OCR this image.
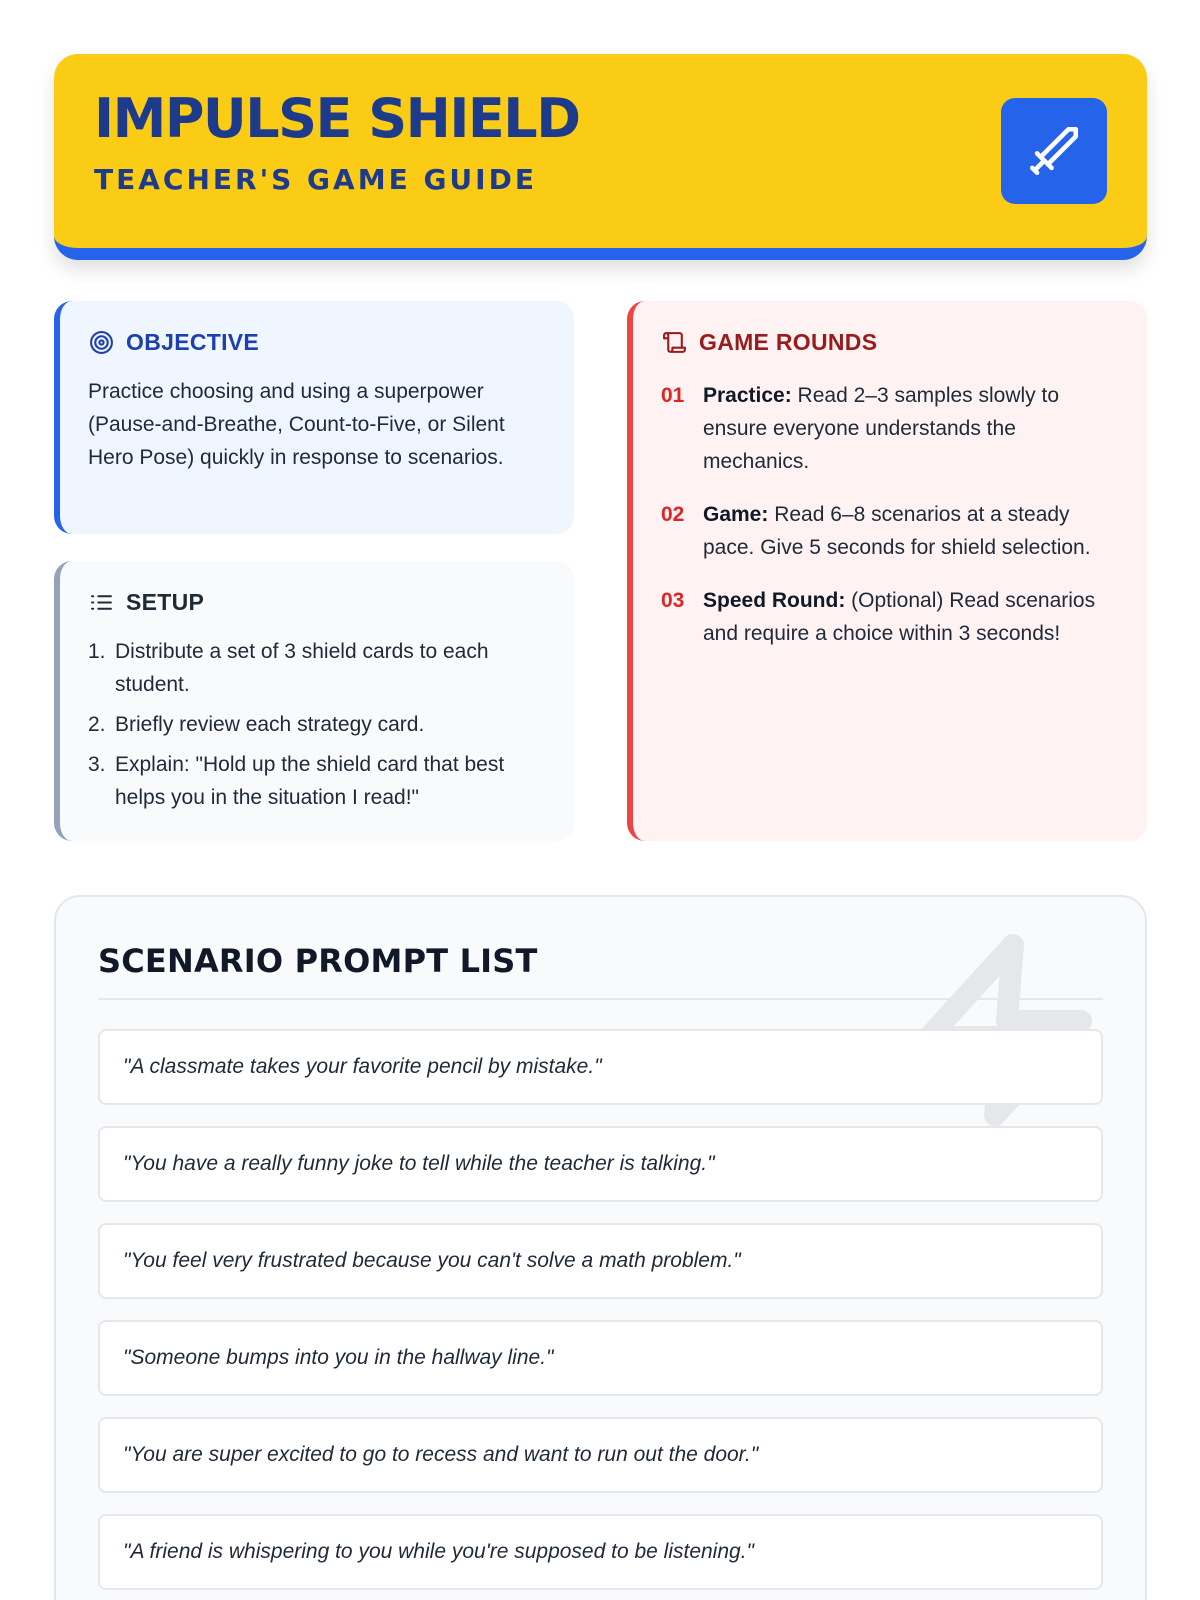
IMPULSE SHIELD
TEACHER'S GAME GUIDE
OBJECTIVE
Practice choosing and using a superpower (Pause-and-Breathe, Count-to-Five, or Silent Hero Pose) quickly in response to scenarios.
SETUP
1. Distribute a set of 3 shield cards to each student.
2. Briefly review each strategy card.
3. Explain: "Hold up the shield card that best helps you in the situation I read!"
GAME ROUNDS
01 Practice: Read 2–3 samples slowly to ensure everyone understands the mechanics.
02 Game: Read 6–8 scenarios at a steady pace. Give 5 seconds for shield selection.
03 Speed Round: (Optional) Read scenarios and require a choice within 3 seconds!
SCENARIO PROMPT LIST
"A classmate takes your favorite pencil by mistake."
"You have a really funny joke to tell while the teacher is talking."
"You feel very frustrated because you can't solve a math problem."
"Someone bumps into you in the hallway line."
"You are super excited to go to recess and want to run out the door."
"A friend is whispering to you while you're supposed to be listening."
